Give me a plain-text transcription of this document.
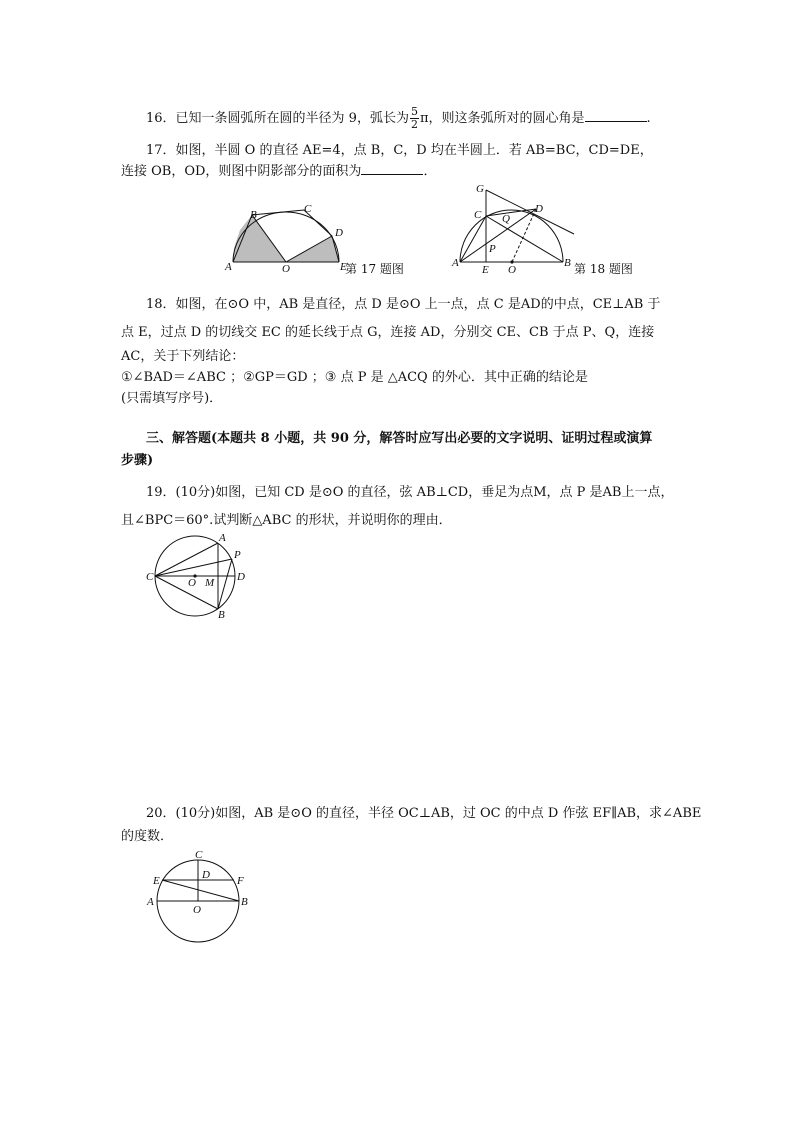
16．已知一条圆弧所在圆的半径为 9，弧长为 $\frac{5}{2}$ π，则这条弧所对的圆心角是	.
17．如图，半圆 O 的直径 AE=4，点 B，C，D 均在半圆上．若 AB=BC，CD=DE，
连接 OB，OD，则图中阴影部分的面积为	．
A
B	C
D
E
O	第 17 题图
G
C Q
D
P
A
E O
B 第 18 题图
18．如图，在⊙O 中，AB 是直径，点 D 是⊙O 上一点，点 C 是AD的中点，CE⊥AB 于
点 E，过点 D 的切线交 EC 的延长线于点 G，连接 AD，分别交 CE、CB 于点 P、Q，连接
AC，关于下列结论：
①∠BAD＝∠ABC ；②GP＝GD ；③ 点 P 是 △ACQ 的外心．其中正确的结论是
(只需填写序号)．
三、解答题(本题共 8 小题，共 90 分，解答时应写出必要的文字说明、证明过程或演算
步骤)
19．(10分)如图，已知 CD 是⊙O 的直径，弦 AB⊥CD，垂足为点M，点 P 是AB上一点，
且∠BPC＝60°.试判断△ABC 的形状，并说明你的理由．
A
P
C	O M D
B
20．(10分)如图，AB 是⊙O 的直径，半径 OC⊥AB，过 OC 的中点 D 作弦 EF∥AB，求∠ABE
的度数．
C
E	D F
A
O
B
